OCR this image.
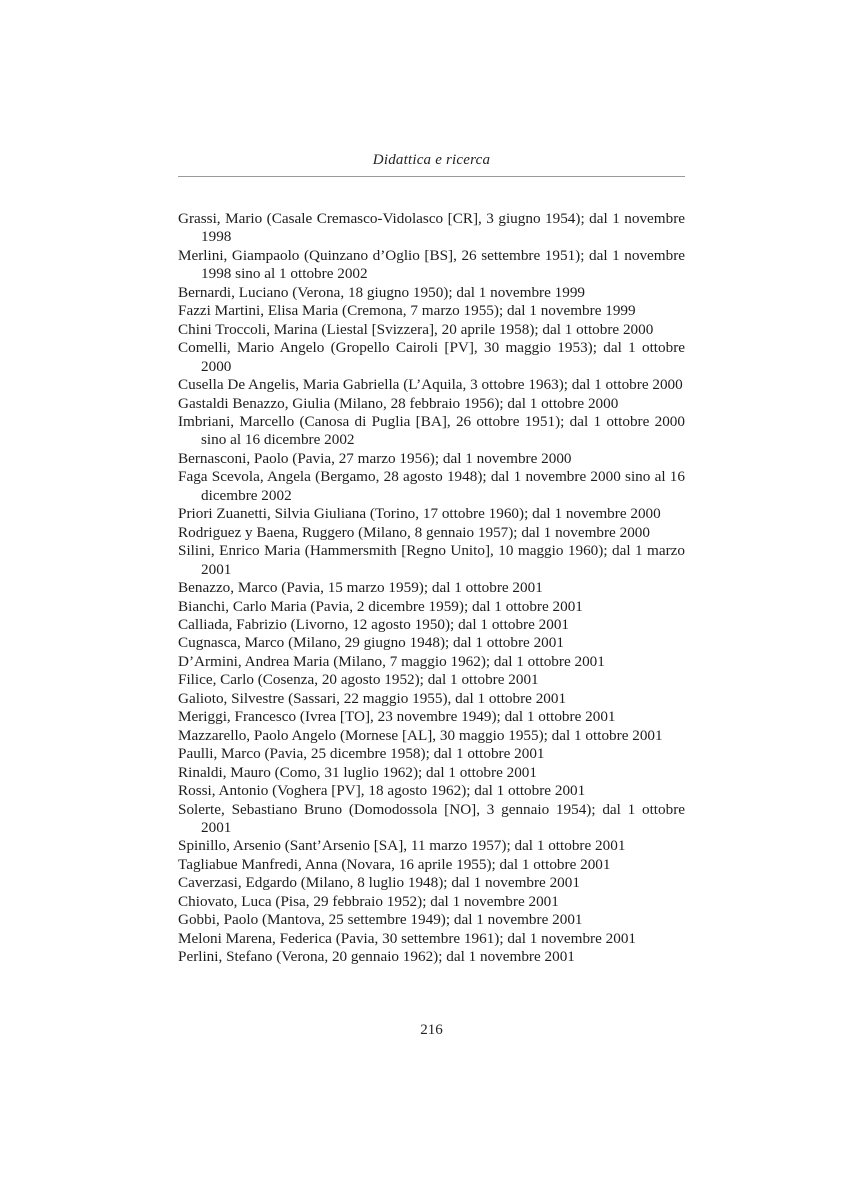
Didattica e ricerca

Grassi, Mario (Casale Cremasco-Vidolasco [CR], 3 giugno 1954); dal 1 novembre 1998

Merlini, Giampaolo (Quinzano d’Oglio [BS], 26 settembre 1951); dal 1 novembre 1998 sino al 1 ottobre 2002

Bernardi, Luciano (Verona, 18 giugno 1950); dal 1 novembre 1999

Fazzi Martini, Elisa Maria (Cremona, 7 marzo 1955); dal 1 novembre 1999

Chini Troccoli, Marina (Liestal [Svizzera], 20 aprile 1958); dal 1 ottobre 2000

Comelli, Mario Angelo (Gropello Cairoli [PV], 30 maggio 1953); dal 1 ottobre 2000

Cusella De Angelis, Maria Gabriella (L’Aquila, 3 ottobre 1963); dal 1 ottobre 2000

Gastaldi Benazzo, Giulia (Milano, 28 febbraio 1956); dal 1 ottobre 2000

Imbriani, Marcello (Canosa di Puglia [BA], 26 ottobre 1951); dal 1 ottobre 2000 sino al 16 dicembre 2002

Bernasconi, Paolo (Pavia, 27 marzo 1956); dal 1 novembre 2000

Faga Scevola, Angela (Bergamo, 28 agosto 1948); dal 1 novembre 2000 sino al 16 dicembre 2002

Priori Zuanetti, Silvia Giuliana (Torino, 17 ottobre 1960); dal 1 novembre 2000

Rodriguez y Baena, Ruggero (Milano, 8 gennaio 1957); dal 1 novembre 2000

Silini, Enrico Maria (Hammersmith [Regno Unito], 10 maggio 1960); dal 1 marzo 2001

Benazzo, Marco (Pavia, 15 marzo 1959); dal 1 ottobre 2001

Bianchi, Carlo Maria (Pavia, 2 dicembre 1959); dal 1 ottobre 2001

Calliada, Fabrizio (Livorno, 12 agosto 1950); dal 1 ottobre 2001

Cugnasca, Marco (Milano, 29 giugno 1948); dal 1 ottobre 2001

D’Armini, Andrea Maria (Milano, 7 maggio 1962); dal 1 ottobre 2001

Filice, Carlo (Cosenza, 20 agosto 1952); dal 1 ottobre 2001

Galioto, Silvestre (Sassari, 22 maggio 1955), dal 1 ottobre 2001

Meriggi, Francesco (Ivrea [TO], 23 novembre 1949); dal 1 ottobre 2001

Mazzarello, Paolo Angelo (Mornese [AL], 30 maggio 1955); dal 1 ottobre 2001

Paulli, Marco (Pavia, 25 dicembre 1958); dal 1 ottobre 2001

Rinaldi, Mauro (Como, 31 luglio 1962); dal 1 ottobre 2001

Rossi, Antonio (Voghera [PV], 18 agosto 1962); dal 1 ottobre 2001

Solerte, Sebastiano Bruno (Domodossola [NO], 3 gennaio 1954); dal 1 ottobre 2001

Spinillo, Arsenio (Sant’Arsenio [SA], 11 marzo 1957); dal 1 ottobre 2001

Tagliabue Manfredi, Anna (Novara, 16 aprile 1955); dal 1 ottobre 2001

Caverzasi, Edgardo (Milano, 8 luglio 1948); dal 1 novembre 2001

Chiovato, Luca (Pisa, 29 febbraio 1952); dal 1 novembre 2001

Gobbi, Paolo (Mantova, 25 settembre 1949); dal 1 novembre 2001

Meloni Marena, Federica (Pavia, 30 settembre 1961); dal 1 novembre 2001

Perlini, Stefano (Verona, 20 gennaio 1962); dal 1 novembre 2001

216
